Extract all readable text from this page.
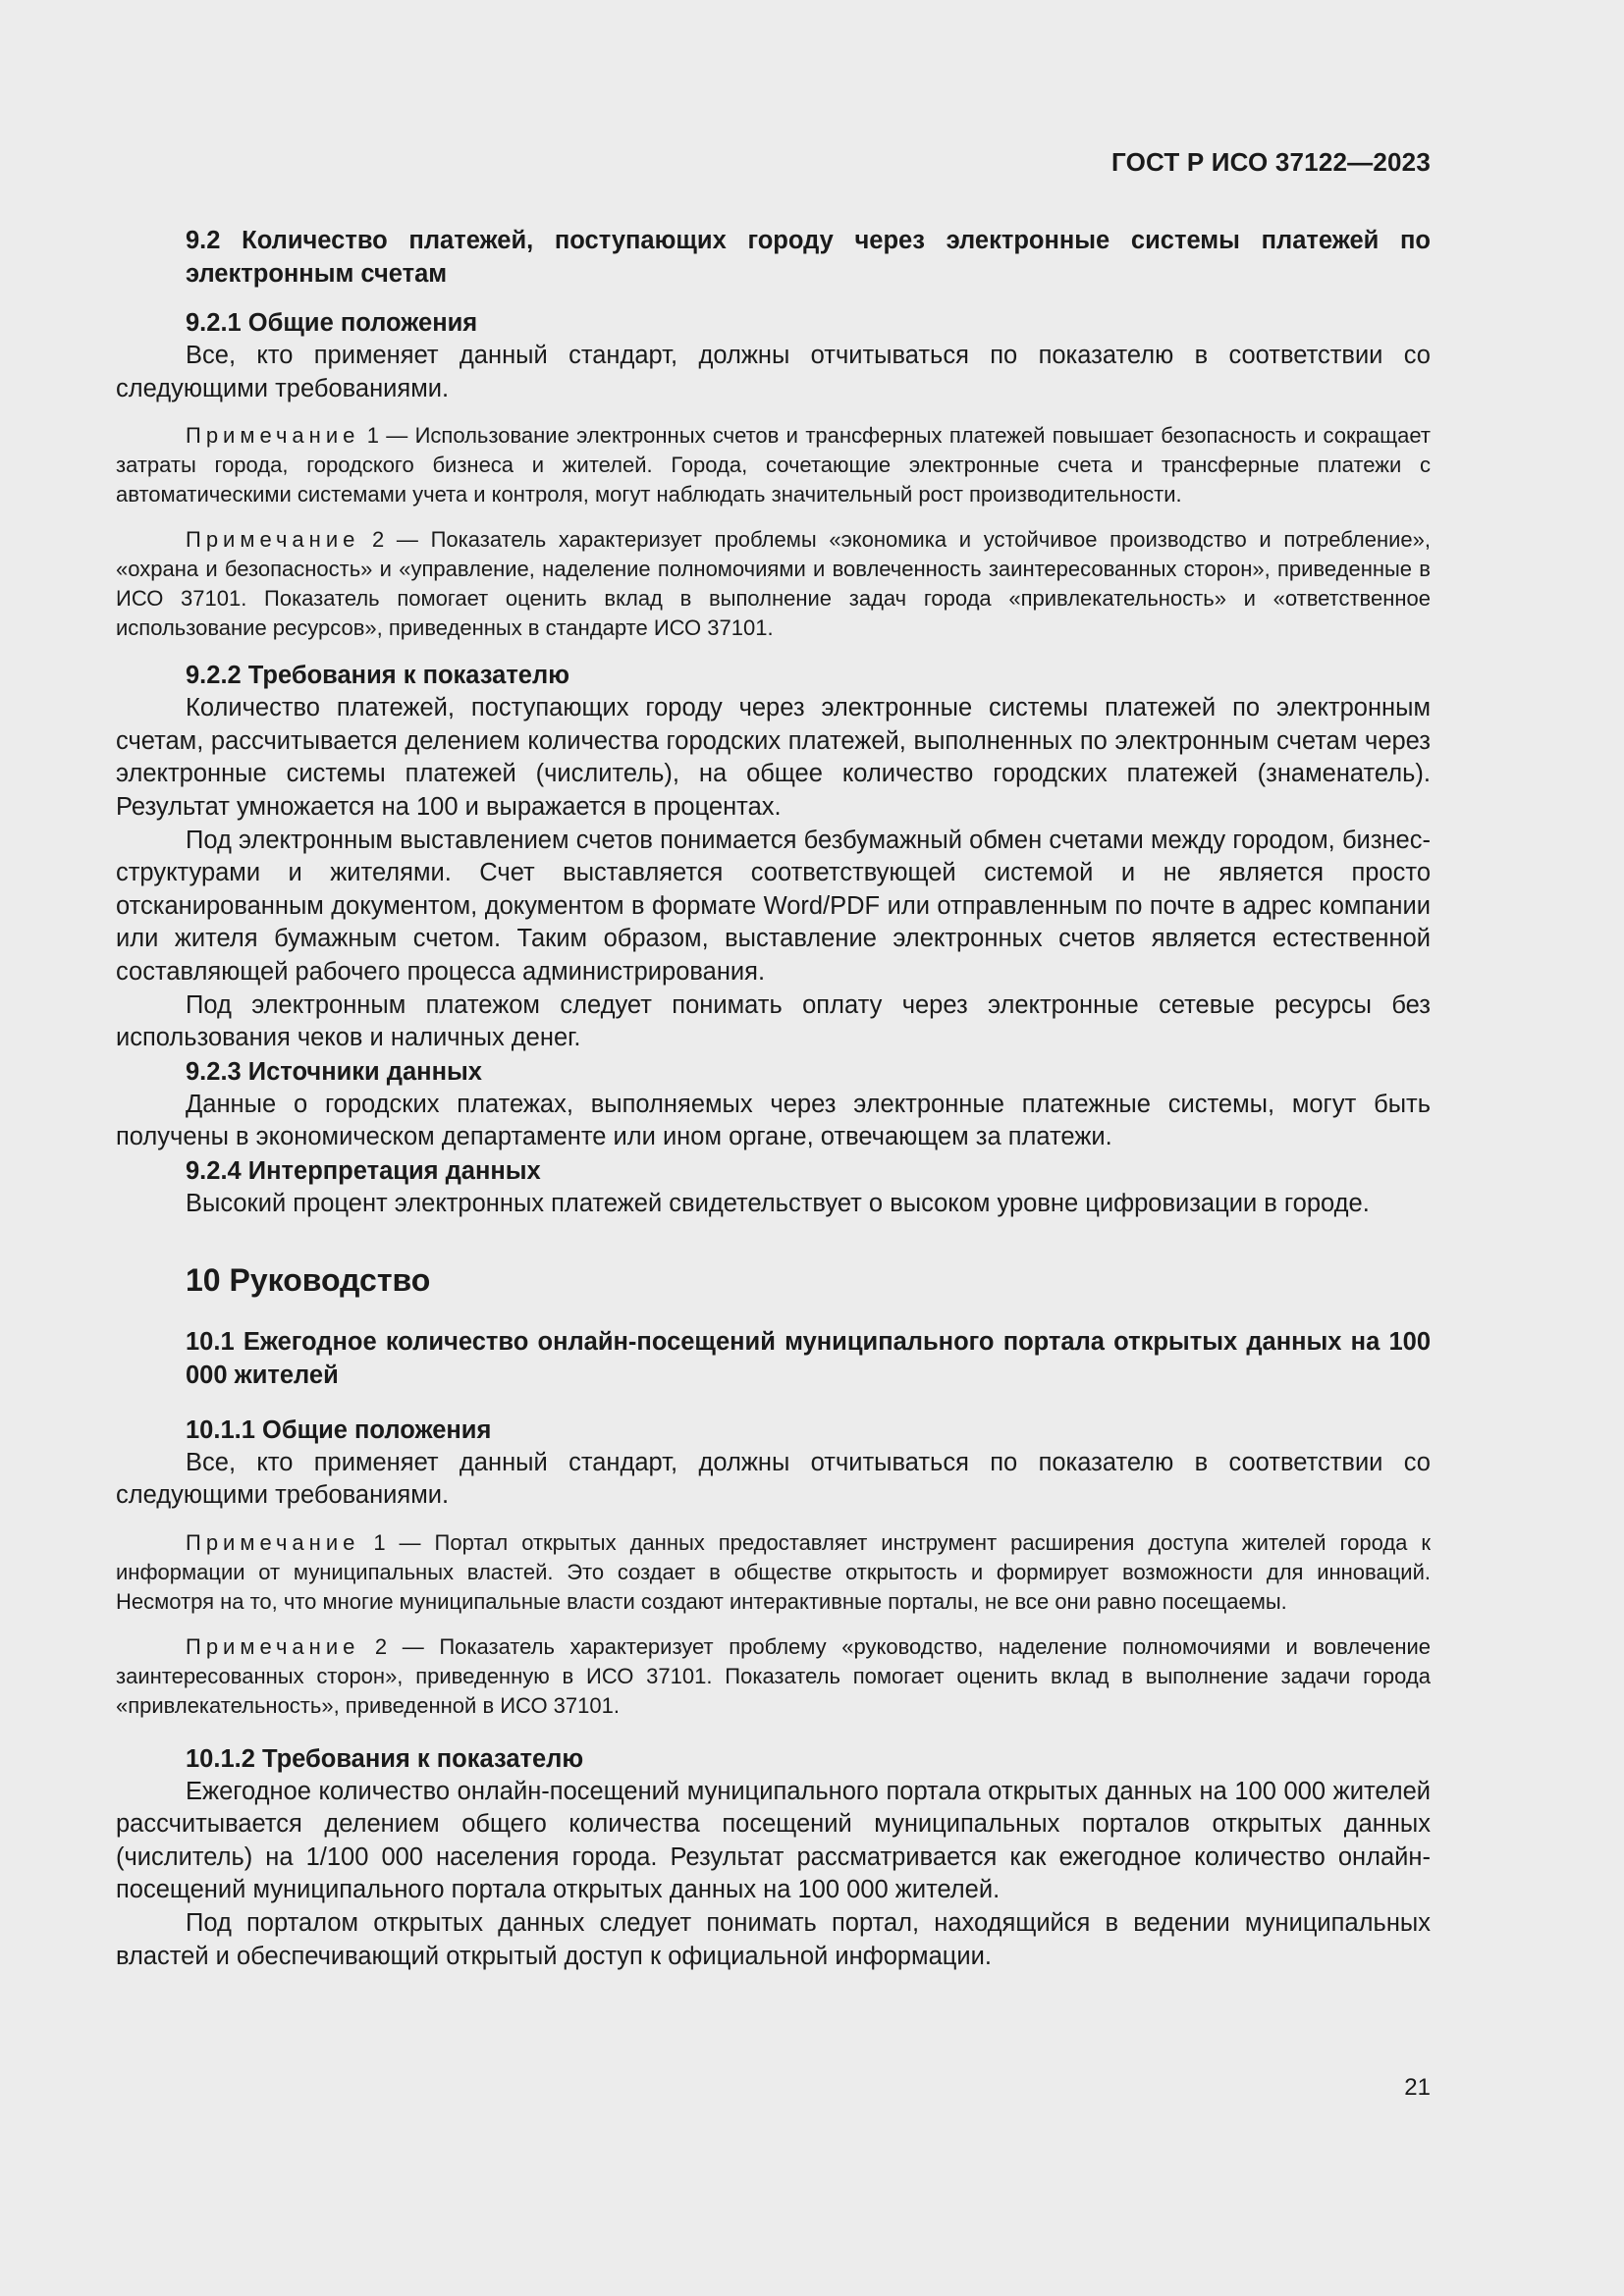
ГОСТ Р ИСО 37122—2023
9.2 Количество платежей, поступающих городу через электронные системы платежей по электронным счетам
9.2.1 Общие положения
Все, кто применяет данный стандарт, должны отчитываться по показателю в соответствии со следующими требованиями.
Примечание 1 — Использование электронных счетов и трансферных платежей повышает безопасность и сокращает затраты города, городского бизнеса и жителей. Города, сочетающие электронные счета и трансферные платежи с автоматическими системами учета и контроля, могут наблюдать значительный рост производительности.
Примечание 2 — Показатель характеризует проблемы «экономика и устойчивое производство и потребление», «охрана и безопасность» и «управление, наделение полномочиями и вовлеченность заинтересованных сторон», приведенные в ИСО 37101. Показатель помогает оценить вклад в выполнение задач города «привлекательность» и «ответственное использование ресурсов», приведенных в стандарте ИСО 37101.
9.2.2 Требования к показателю
Количество платежей, поступающих городу через электронные системы платежей по электронным счетам, рассчитывается делением количества городских платежей, выполненных по электронным счетам через электронные системы платежей (числитель), на общее количество городских платежей (знаменатель). Результат умножается на 100 и выражается в процентах.
Под электронным выставлением счетов понимается безбумажный обмен счетами между городом, бизнес-структурами и жителями. Счет выставляется соответствующей системой и не является просто отсканированным документом, документом в формате Word/PDF или отправленным по почте в адрес компании или жителя бумажным счетом. Таким образом, выставление электронных счетов является естественной составляющей рабочего процесса администрирования.
Под электронным платежом следует понимать оплату через электронные сетевые ресурсы без использования чеков и наличных денег.
9.2.3 Источники данных
Данные о городских платежах, выполняемых через электронные платежные системы, могут быть получены в экономическом департаменте или ином органе, отвечающем за платежи.
9.2.4 Интерпретация данных
Высокий процент электронных платежей свидетельствует о высоком уровне цифровизации в городе.
10 Руководство
10.1 Ежегодное количество онлайн-посещений муниципального портала открытых данных на 100 000 жителей
10.1.1 Общие положения
Все, кто применяет данный стандарт, должны отчитываться по показателю в соответствии со следующими требованиями.
Примечание 1 — Портал открытых данных предоставляет инструмент расширения доступа жителей города к информации от муниципальных властей. Это создает в обществе открытость и формирует возможности для инноваций. Несмотря на то, что многие муниципальные власти создают интерактивные порталы, не все они равно посещаемы.
Примечание 2 — Показатель характеризует проблему «руководство, наделение полномочиями и вовлечение заинтересованных сторон», приведенную в ИСО 37101. Показатель помогает оценить вклад в выполнение задачи города «привлекательность», приведенной в ИСО 37101.
10.1.2 Требования к показателю
Ежегодное количество онлайн-посещений муниципального портала открытых данных на 100 000 жителей рассчитывается делением общего количества посещений муниципальных порталов открытых данных (числитель) на 1/100 000 населения города. Результат рассматривается как ежегодное количество онлайн-посещений муниципального портала открытых данных на 100 000 жителей.
Под порталом открытых данных следует понимать портал, находящийся в ведении муниципальных властей и обеспечивающий открытый доступ к официальной информации.
21
